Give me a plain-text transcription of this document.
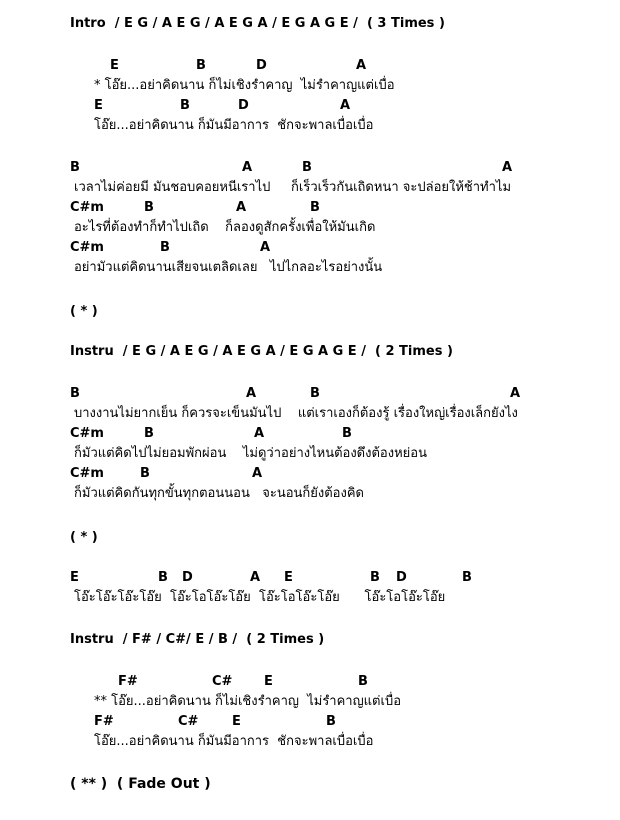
Intro  / E G / A E G / A E G A / E G A G E /  ( 3 Times )
E	B	D	A
* โอ๊ย...อย่าคิดนาน ก็ไม่เชิงรำคาญ  ไม่รำคาญแต่เบื่อ
E	B	D	A
โอ๊ย...อย่าคิดนาน ก็มันมีอาการ  ชักจะพาลเบื่อเบื่อ
B	A	B	A
เวลาไม่ค่อยมี มันชอบคอยหนีเราไป     ก็เร็วเร็วกันเถิดหนา จะปล่อยให้ช้าทำไม
C#m	B	A	B
อะไรที่ต้องทำก็ทำไปเถิด    ก็ลองดูสักครั้งเพื่อให้มันเกิด
C#m	B	A
อย่ามัวแต่คิดนานเสียจนเตลิดเลย   ไปไกลอะไรอย่างนั้น
( * )
Instru  / E G / A E G / A E G A / E G A G E /  ( 2 Times )
B	A	B	A
บางงานไม่ยากเย็น ก็ควรจะเข็นมันไป    แต่เราเองก็ต้องรู้ เรื่องใหญ่เรื่องเล็กยังไง
C#m	B	A	B
ก็มัวแต่คิดไปไม่ยอมพักผ่อน    ไม่ดูว่าอย่างไหนต้องดึงต้องหย่อน
C#m	B	A
ก็มัวแต่คิดกันทุกขั้นทุกตอนนอน   จะนอนก็ยังต้องคิด
( * )
E	B D	A E	B D	B
โอ๊ะโอ๊ะโอ๊ะโอ๊ย  โอ๊ะโอโอ๊ะโอ๊ย  โอ๊ะโอโอ๊ะโอ๊ย      โอ๊ะโอโอ๊ะโอ๊ย
Instru  / F# / C#/ E / B /  ( 2 Times )
F#	C# E	B
** โอ๊ย...อย่าคิดนาน ก็ไม่เชิงรำคาญ  ไม่รำคาญแต่เบื่อ
F#	C#	E	B
โอ๊ย...อย่าคิดนาน ก็มันมีอาการ  ชักจะพาลเบื่อเบื่อ
( ** )  ( Fade Out )
